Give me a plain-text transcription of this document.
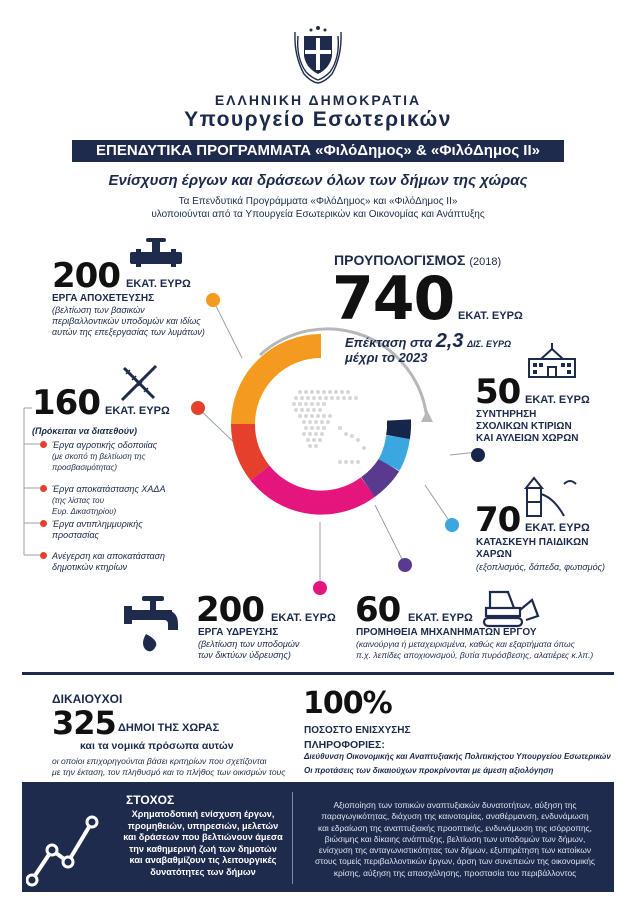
ΕΛΛΗΝΙΚΗ ΔΗΜΟΚΡΑΤΙΑ
Υπουργείο Εσωτερικών
ΕΠΕΝΔΥΤΙΚΑ ΠΡΟΓΡΑΜΜΑΤΑ «ΦιλόΔημος» & «ΦιλόΔημος ΙΙ»
Ενίσχυση έργων και δράσεων όλων των δήμων της χώρας
Τα Επενδυτικά Προγράμματα «ΦιλόΔημος» και «ΦιλόΔημος ΙΙ»
υλοποιούνται από τα Υπουργεία Εσωτερικών και Οικονομίας και Ανάπτυξης
ΠΡΟΥΠΟΛΟΓΙΣΜΟΣ (2018)
740 ΕΚΑΤ. ΕΥΡΩ
Επέκταση στα 2,3 ΔΙΣ. ΕΥΡΩ
μέχρι το 2023
200 ΕΚΑΤ. ΕΥΡΩ
ΕΡΓΑ ΑΠΟΧΕΤΕΥΣΗΣ
(βελτίωση των βασικών
περιβαλλοντικών υποδομών και ιδίως
αυτών της επεξεργασίας των λυμάτων)
160 ΕΚΑΤ. ΕΥΡΩ
(Πρόκειται να διατεθούν)
Έργα αγροτικής οδοποιίας
(με σκοπό τη βελτίωση της
προσβασιμότητας)
Έργα αποκατάστασης ΧΑΔΑ
(της λίστας του
Ευρ. Δικαστηρίου)
Έργα αντιπλημμυρικής
προστασίας
Ανέγερση και αποκατάσταση
δημοτικών κτηρίων
50 ΕΚΑΤ. ΕΥΡΩ
ΣΥΝΤΗΡΗΣΗ
ΣΧΟΛΙΚΩΝ ΚΤΙΡΙΩΝ
ΚΑΙ ΑΥΛΕΙΩΝ ΧΩΡΩΝ
70 ΕΚΑΤ. ΕΥΡΩ
ΚΑΤΑΣΚΕΥΗ ΠΑΙΔΙΚΩΝ
ΧΑΡΩΝ
(εξοπλισμός, δάπεδα, φωτισμός)
200 ΕΚΑΤ. ΕΥΡΩ
ΕΡΓΑ ΥΔΡΕΥΣΗΣ
(βελτίωση των υποδομών
των δικτύων ύδρευσης)
60 ΕΚΑΤ. ΕΥΡΩ
ΠΡΟΜΗΘΕΙΑ ΜΗΧΑΝΗΜΑΤΩΝ ΕΡΓΟΥ
(καινούργια ή μεταχειρισμένα, καθώς και εξαρτήματα όπως
π.χ. λεπίδες αποχιονισμού, βυτία πυρόσβεσης, αλατιέρες κ.λπ.)
ΔΙΚΑΙΟΥΧΟΙ
325 ΔΗΜΟΙ ΤΗΣ ΧΩΡΑΣ
και τα νομικά πρόσωπα αυτών
οι οποίοι επιχορηγούνται βάσει κριτηρίων που σχετίζονται
με την έκταση, τον πληθυσμό και το πλήθος των οικισμών τους
100%
ΠΟΣΟΣΤΟ ΕΝΙΣΧΥΣΗΣ
ΠΛΗΡΟΦΟΡΙΕΣ:
Διεύθυνση Οικονομικής και Αναπτυξιακής Πολιτικήςτου Υπουργείου Εσωτερικών
Οι προτάσεις των δικαιούχων προκρίνονται με άμεση αξιολόγηση
ΣΤΟΧΟΣ
Χρηματοδοτική ενίσχυση έργων,
προμηθειών, υπηρεσιών, μελετών
και δράσεων που βελτιώνουν άμεσα
την καθημερινή ζωή των δημοτών
και αναβαθμίζουν τις λειτουργικές
δυνατότητες των δήμων
Αξιοποίηση των τοπικών αναπτυξιακών δυνατοτήτων, αύξηση της
παραγωγικότητας, διάχυση της καινοτομίας, αναθέρμανση, ενδυνάμωση
και εδραίωση της αναπτυξιακής προοπτικής, ενδυνάμωση της ισόρροπης,
βιώσιμης και δίκαιης ανάπτυξης, βελτίωση των υποδομών των δήμων,
ενίσχυση της ανταγωνιστικότητας των δήμων, εξυπηρέτηση των κατοίκων
στους τομείς περιβαλλοντικών έργων, άρση των συνεπειών της οικονομικής
κρίσης, αύξηση της απασχόλησης, προστασία του περιβάλλοντος
